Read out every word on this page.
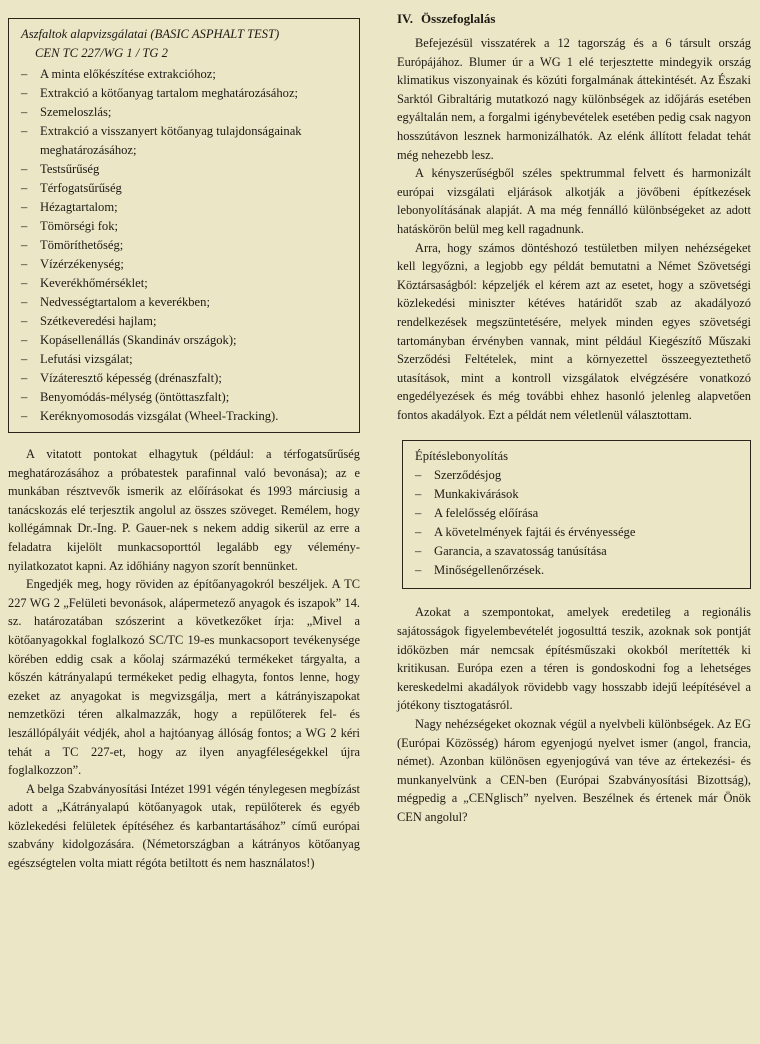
Aszfaltok alapvizsgálatai (BASIC ASPHALT TEST)
CEN TC 227/WG 1 / TG 2
– A minta előkészítése extrakcióhoz;
– Extrakció a kötőanyag tartalom meghatározásához;
– Szemeloszlás;
– Extrakció a visszanyert kötőanyag tulajdonságainak meghatározásához;
– Testsűrűség
– Térfogatsűrűség
– Hézagtartalom;
– Tömörségi fok;
– Tömöríthetőség;
– Vízérzékenység;
– Keverékhőmérséklet;
– Nedvességtartalom a keverékben;
– Szétkeveredési hajlam;
– Kopásellenállás (Skandináv országok);
– Lefutási vizsgálat;
– Vízáteresztő képesség (drénaszfalt);
– Benyomódás-mélység (öntöttaszfalt);
– Keréknyomosodás vizsgálat (Wheel-Tracking).

A vitatott pontokat elhagytuk (például: a térfogatsűrűség meghatározásához a próbatestek parafinnal való bevonása); az e munkában résztvevők ismerik az előírásokat és 1993 márciusig a tanácskozás elé terjesztik angolul az összes szöveget. Remélem, hogy kollégámnak Dr.-Ing. P. Gauer-nek s nekem addig sikerül az erre a feladatra kijelölt munkacsoporttól legalább egy vélemény-nyilatkozatot kapni. Az időhiány nagyon szorít bennünket.

Engedjék meg, hogy röviden az építőanyagokról beszéljek. A TC 227 WG 2 „Felületi bevonások, alápermetező anyagok és iszapok” 14. sz. határozatában szószerint a következőket írja: „Mivel a kötőanyagokkal foglalkozó SC/TC 19-es munkacsoport tevékenysége körében eddig csak a kőolaj származékú termékeket tárgyalta, a kőszén kátrányalapú termékeket pedig elhagyta, fontos lenne, hogy ezeket az anyagokat is megvizsgálja, mert a kátrányiszapokat nemzetközi téren alkalmazzák, hogy a repülőterek fel- és leszállópályáit védjék, ahol a hajtóanyag állóság fontos; a WG 2 kéri tehát a TC 227-et, hogy az ilyen anyagféleségekkel újra foglalkozzon”.

A belga Szabványosítási Intézet 1991 végén ténylegesen megbízást adott a „Kátrányalapú kötőanyagok utak, repülőterek és egyéb közlekedési felületek építéséhez és karbantartásához” című európai szabvány kidolgozására. (Németországban a kátrányos kötőanyag egészségtelen volta miatt régóta betiltott és nem használatos!)

IV. Összefoglalás

Befejezésül visszatérek a 12 tagország és a 6 társult ország Európájához. Blumer úr a WG 1 elé terjesztette mindegyik ország klimatikus viszonyainak és közúti forgalmának áttekintését. Az Északi Sarktól Gibraltárig mutatkozó nagy különbségek az időjárás esetében egyáltalán nem, a forgalmi igénybevételek esetében pedig csak nagyon hosszútávon lesznek harmonizálhatók. Az elénk állított feladat tehát még nehezebb lesz.

A kényszerűségből széles spektrummal felvett és harmonizált európai vizsgálati eljárások alkotják a jövőbeni építkezések lebonyolításának alapját. A ma még fennálló különbségeket az adott hatáskörön belül meg kell ragadnunk.

Arra, hogy számos döntéshozó testületben milyen nehézségeket kell legyőzni, a legjobb egy példát bemutatni a Német Szövetségi Köztársaságból: képzeljék el kérem azt az esetet, hogy a szövetségi közlekedési miniszter kétéves határidőt szab az akadályozó rendelkezések megszüntetésére, melyek minden egyes szövetségi tartományban érvényben vannak, mint például Kiegészítő Műszaki Szerződési Feltételek, mint a környezettel összeegyeztethető utasítások, mint a kontroll vizsgálatok elvégzésére vonatkozó engedélyezések és még további ehhez hasonló jelenleg alapvetően fontos akadályok. Ezt a példát nem véletlenül választottam.

Építéslebonyolítás
– Szerződésjog
– Munkakivárások
– A felelősség előírása
– A követelmények fajtái és érvényessége
– Garancia, a szavatosság tanúsítása
– Minőségellenőrzések.

Azokat a szempontokat, amelyek eredetileg a regionális sajátosságok figyelembevételét jogosulttá teszik, azoknak sok pontját időközben már nemcsak építésműszaki okokból merítették ki kritikusan. Európa ezen a téren is gondoskodni fog a lehetséges kereskedelmi akadályok rövidebb vagy hosszabb idejű leépítésével a jótékony tisztogatásról.

Nagy nehézségeket okoznak végül a nyelvbeli különbségek. Az EG (Európai Közösség) három egyenjogú nyelvet ismer (angol, francia, német). Azonban különösen egyenjogúvá van téve az értekezési- és munkanyelvünk a CEN-ben (Európai Szabványosítási Bizottság), mégpedig a „CENglisch” nyelven. Beszélnek és értenek már Önök CEN angolul?
